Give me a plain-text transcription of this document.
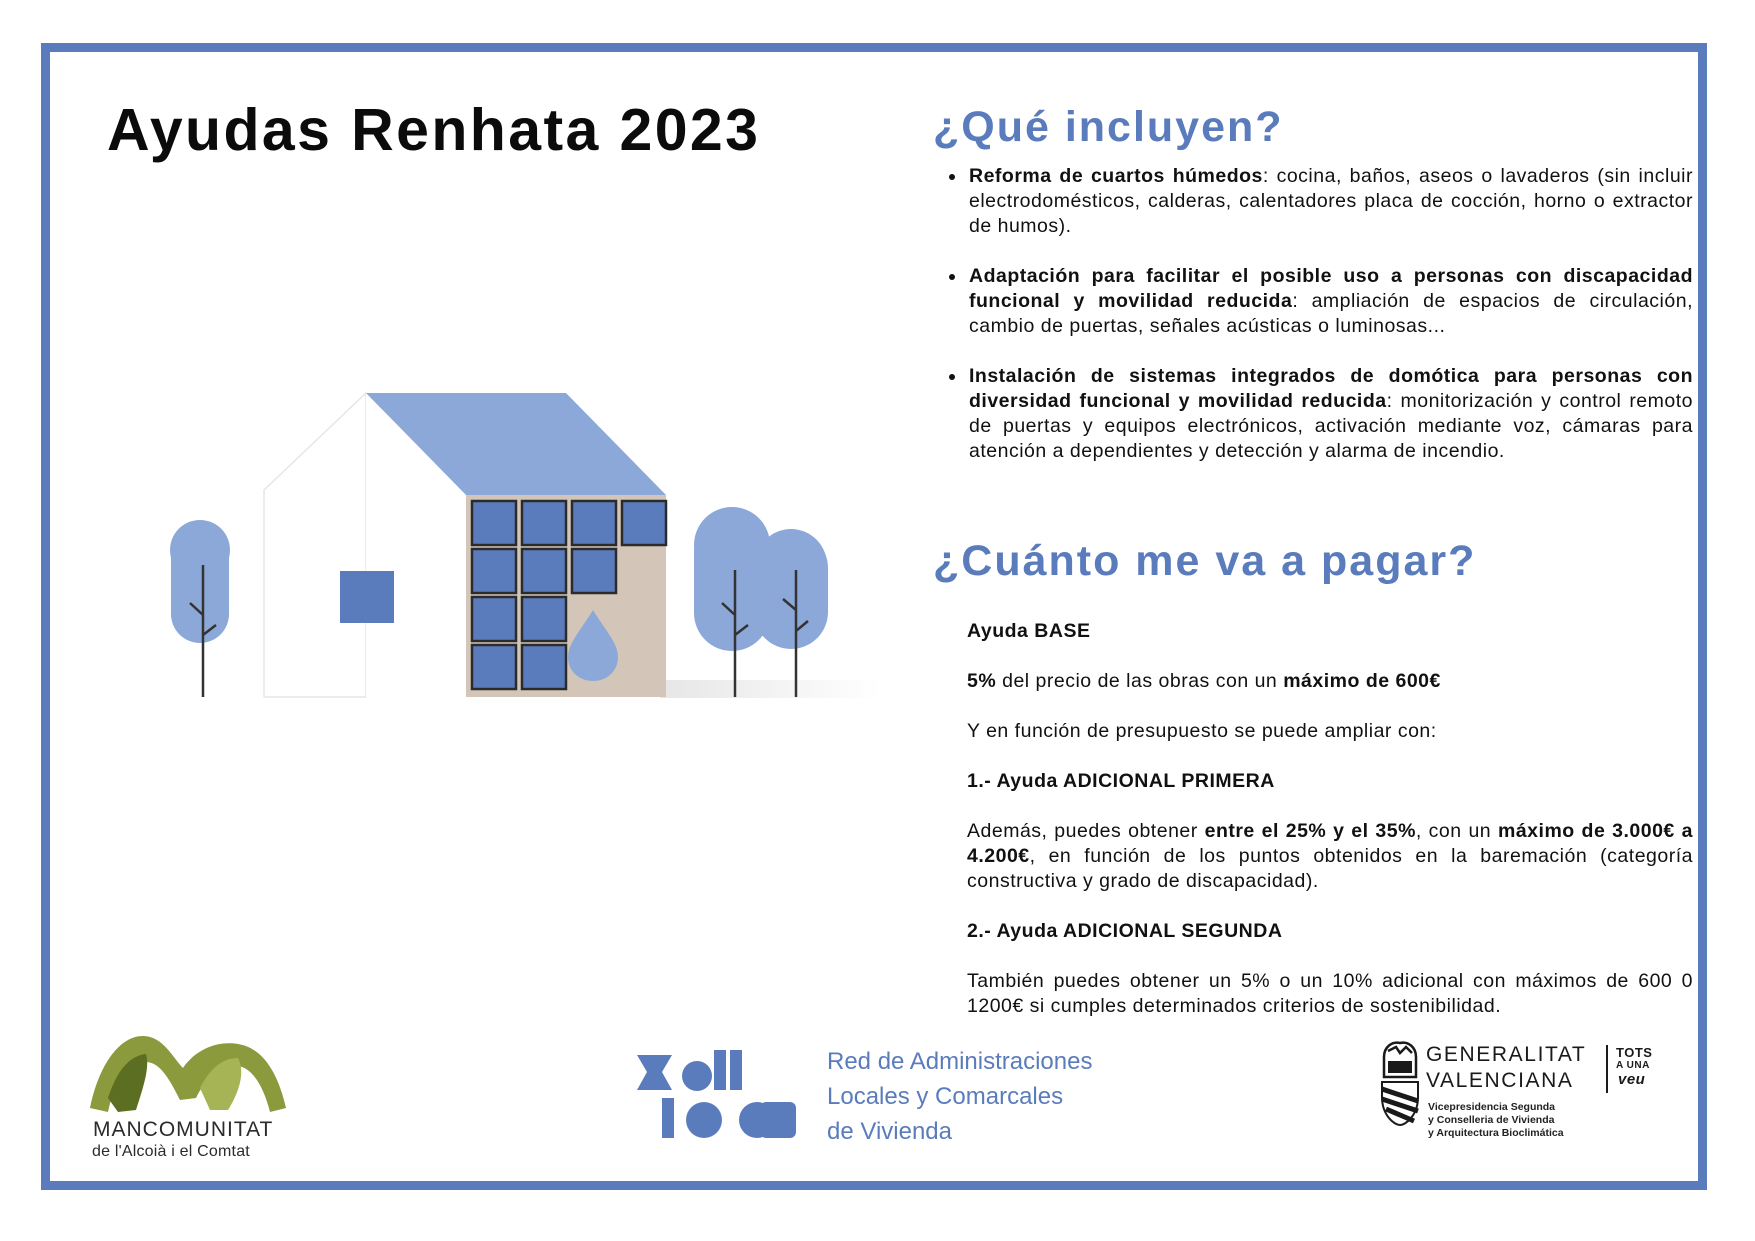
Ayudas Renhata 2023	¿Qué incluyen?
• Reforma de cuartos húmedos: cocina, baños, aseos o lavaderos (sin incluir electrodomésticos, calderas, calentadores placa de cocción, horno o extractor de humos).
• Adaptación para facilitar el posible uso a personas con discapacidad funcional y movilidad reducida: ampliación de espacios de circulación, cambio de puertas, señales acústicas o luminosas...
• Instalación de sistemas integrados de domótica para personas con diversidad funcional y movilidad reducida: monitorización y control remoto de puertas y equipos electrónicos, activación mediante voz, cámaras para atención a dependientes y detección y alarma de incendio.
¿Cuánto me va a pagar?

Ayuda BASE

5% del precio de las obras con un máximo de 600€

Y en función de presupuesto se puede ampliar con:

1.- Ayuda ADICIONAL PRIMERA

Además, puedes obtener entre el 25% y el 35%, con un máximo de 3.000€ a 4.200€, en función de los puntos obtenidos en la baremación (categoría constructiva y grado de discapacidad).

2.- Ayuda ADICIONAL SEGUNDA

También puedes obtener un 5% o un 10% adicional con máximos de 600 0 1200€ si cumples determinados criterios de sostenibilidad.

MANCOMUNITAT

de l'Alcoià i el Comtat

Red de Administraciones

Locales y Comarcales

de Vivienda

GENERALITAT

VALENCIANA

TOTS

A UNA

veu

Vicepresidencia Segunda

y Conselleria de Vivienda

y Arquitectura Bioclimática
